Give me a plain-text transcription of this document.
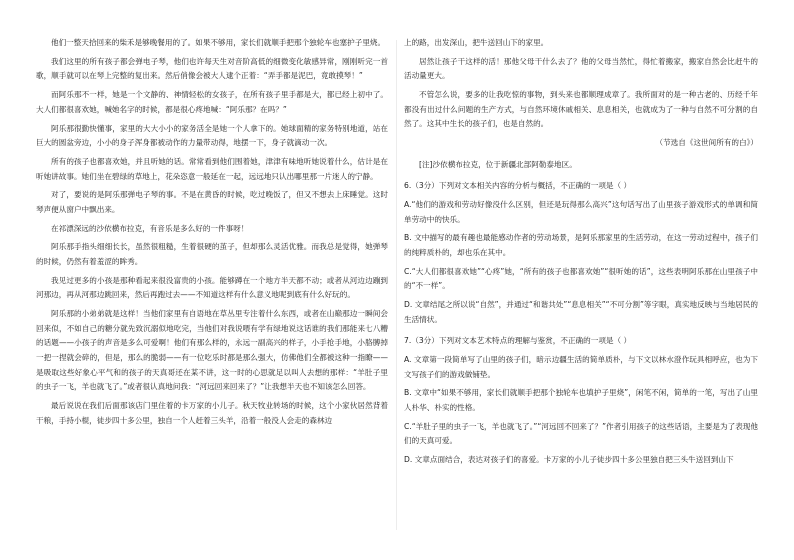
他们一整天拾回来的柴禾是够晚餐用的了。如果不够用，家长们就顺手把那个独轮车也塞护子里烧。

我们这里的所有孩子都会弹电子琴，他们也许每天生对音阶高低的细微变化敏感异常，刚刚听完一首歌，顺手就可以在琴上完整的复出来。然后俏像会被大人逮个正着：“弄手都是泥巴，竟敢摸琴！”

而阿乐那不一样，她是一个文静的、神情轻松的女孩子，在所有孩子里手都是大，都已经上初中了。大人们都很喜欢她，喊她名字的时候，都是很心疼地喊：“阿乐那？在吗？”

阿乐那很勤快懂事，家里的大大小小的家务活全是她一个人拿下的。她球面精的家务特别地道，站在巨大的圆盆旁边，小小的身子浑身都被动作的力量带动得，地摆一下，身子就滴动一次。

所有的孩子也都喜欢她，并且听她的话。常常看到他们围着她，津津有味地听她说着什么，估计是在听她讲故事。她们坐在碧绿的草地上，花朵恣意一般延在一起，远远地只认出哪里那一片迷人的宁静。

对了，要说的是阿乐那弹电子琴的事。不是在黄昏的时候，吃过晚饭了，但又不想去上床睡觉。这时琴声便从窗户中飘出来。

在祁漂深远的沙依横布拉克，有音乐是多么好的一件事呀！

阿乐那手指头细细长长，虽然很粗糙，生着很硬的茧子，但却那么灵活优雅。而我总是觉得，她弹琴的时候，仍然有着羞涩的眸秀。

我见过更多的小孩是那种看起来很没富贵的小孩。能够蹲在一个地方半天都不动；或者从河边边蹦到河那边，再从河那边跳回来，然后再跑过去——不知道这样有什么意义地呢到底有什么好玩的。

阿乐那的小弟弟就是这样！当他们家里有自语地在草丛里专注着什么东西，或者在山巅那边一瞬间会回来似，不如自己的糖分就先致沉溺似地吃完，当他们对我说喂有学有绿地说这话谁的我们那能来七八糟的话题——小孩子的声音是多么可爱啊！他们有那么样的，永远一副高兴的样子，小手抢手地，小胳膊掉一把一捏就会碎的，但是，那么的脆弱——有一位吃乐时都是那么强大，仿佛他们全都被这种一指瞭——是吸取这些好象心平气和的孩子的天真哥还在某不讲，这一时的心思就足以叫人去想的那样：“羊肚子里的虫子一飞，羊也就飞了。”或者很认真地问我：“河远回来回来了？”让我想半天也不知该怎么回答。

最后说说在我们后面那该店门里住着的卡万家的小儿子。秋天牧业转场的时候，这个小家伙居然背着干粮，手持小棍，徒步四十多公里，独自一个人赶着三头羊，沿着一般没人会走的森林边

上的路，出发深山，把牛送回山下的家里。

居然让孩子干这样的活！那他父母干什么去了？他的父母当然忙，得忙着搬家，搬家自然会比赶牛的活动量更大。

不管怎么说，要多的让我吃惊的事物，到头来也都顺理成章了。我所面对的是一种古老的、历经千年都没有出过什么问题的生产方式，与自然环境休戚相关、息息相关，也就成为了一种与自然不可分割的自然了。这其中生长的孩子们，也是自然的。

（节选自《这世间所有的白》）

[注]沙依横布拉克，位于新疆北部阿勒泰地区。

6.（3分）下列对文本相关内容的分析与概括，不正确的一项是（ ）

A.“他们的游戏和劳动好像没什么区别，但还是玩得那么高兴”这句话写出了山里孩子游戏形式的单调和简单劳动中的快乐。

B. 文中描写的最有趣也最能感动作者的劳动场景，是阿乐那家里的生活劳动，在这一劳动过程中，孩子们的纯粹质朴的，却也乐在其中。

C.“大人们都很喜欢她”“心疼”她，“所有的孩子也都喜欢她”“很听她的话”，这些表明阿乐那在山里孩子中的“不一样”。

D. 文章结尾之所以说“自然”，并通过“和谐共处”“息息相关”“不可分割”等字眼，真实地反映与当地居民的生活情状。

7.（3分）下列对文本艺术特点的理解与鉴赏，不正确的一项是（ ）

A. 文章第一段简单写了山里的孩子们，暗示边疆生活的简单质朴，与下文以林水澄作玩具相呼应，也为下文写孩子们的游戏做铺垫。

B. 文章中“如果不够用，家长们就顺手把那个独轮车也填护子里烧”，闲笔不闲，简单的一笔，写出了山里人朴华、朴实的性格。

C.“羊肚子里的虫子一飞，羊也就飞了。”“河远回不回来了？”作者引用孩子的这些话语，主要是为了表现他们的天真可爱。

D. 文章点面结合，表达对孩子们的喜爱。卡万家的小儿子徒步四十多公里独自把三头牛送回到山下
